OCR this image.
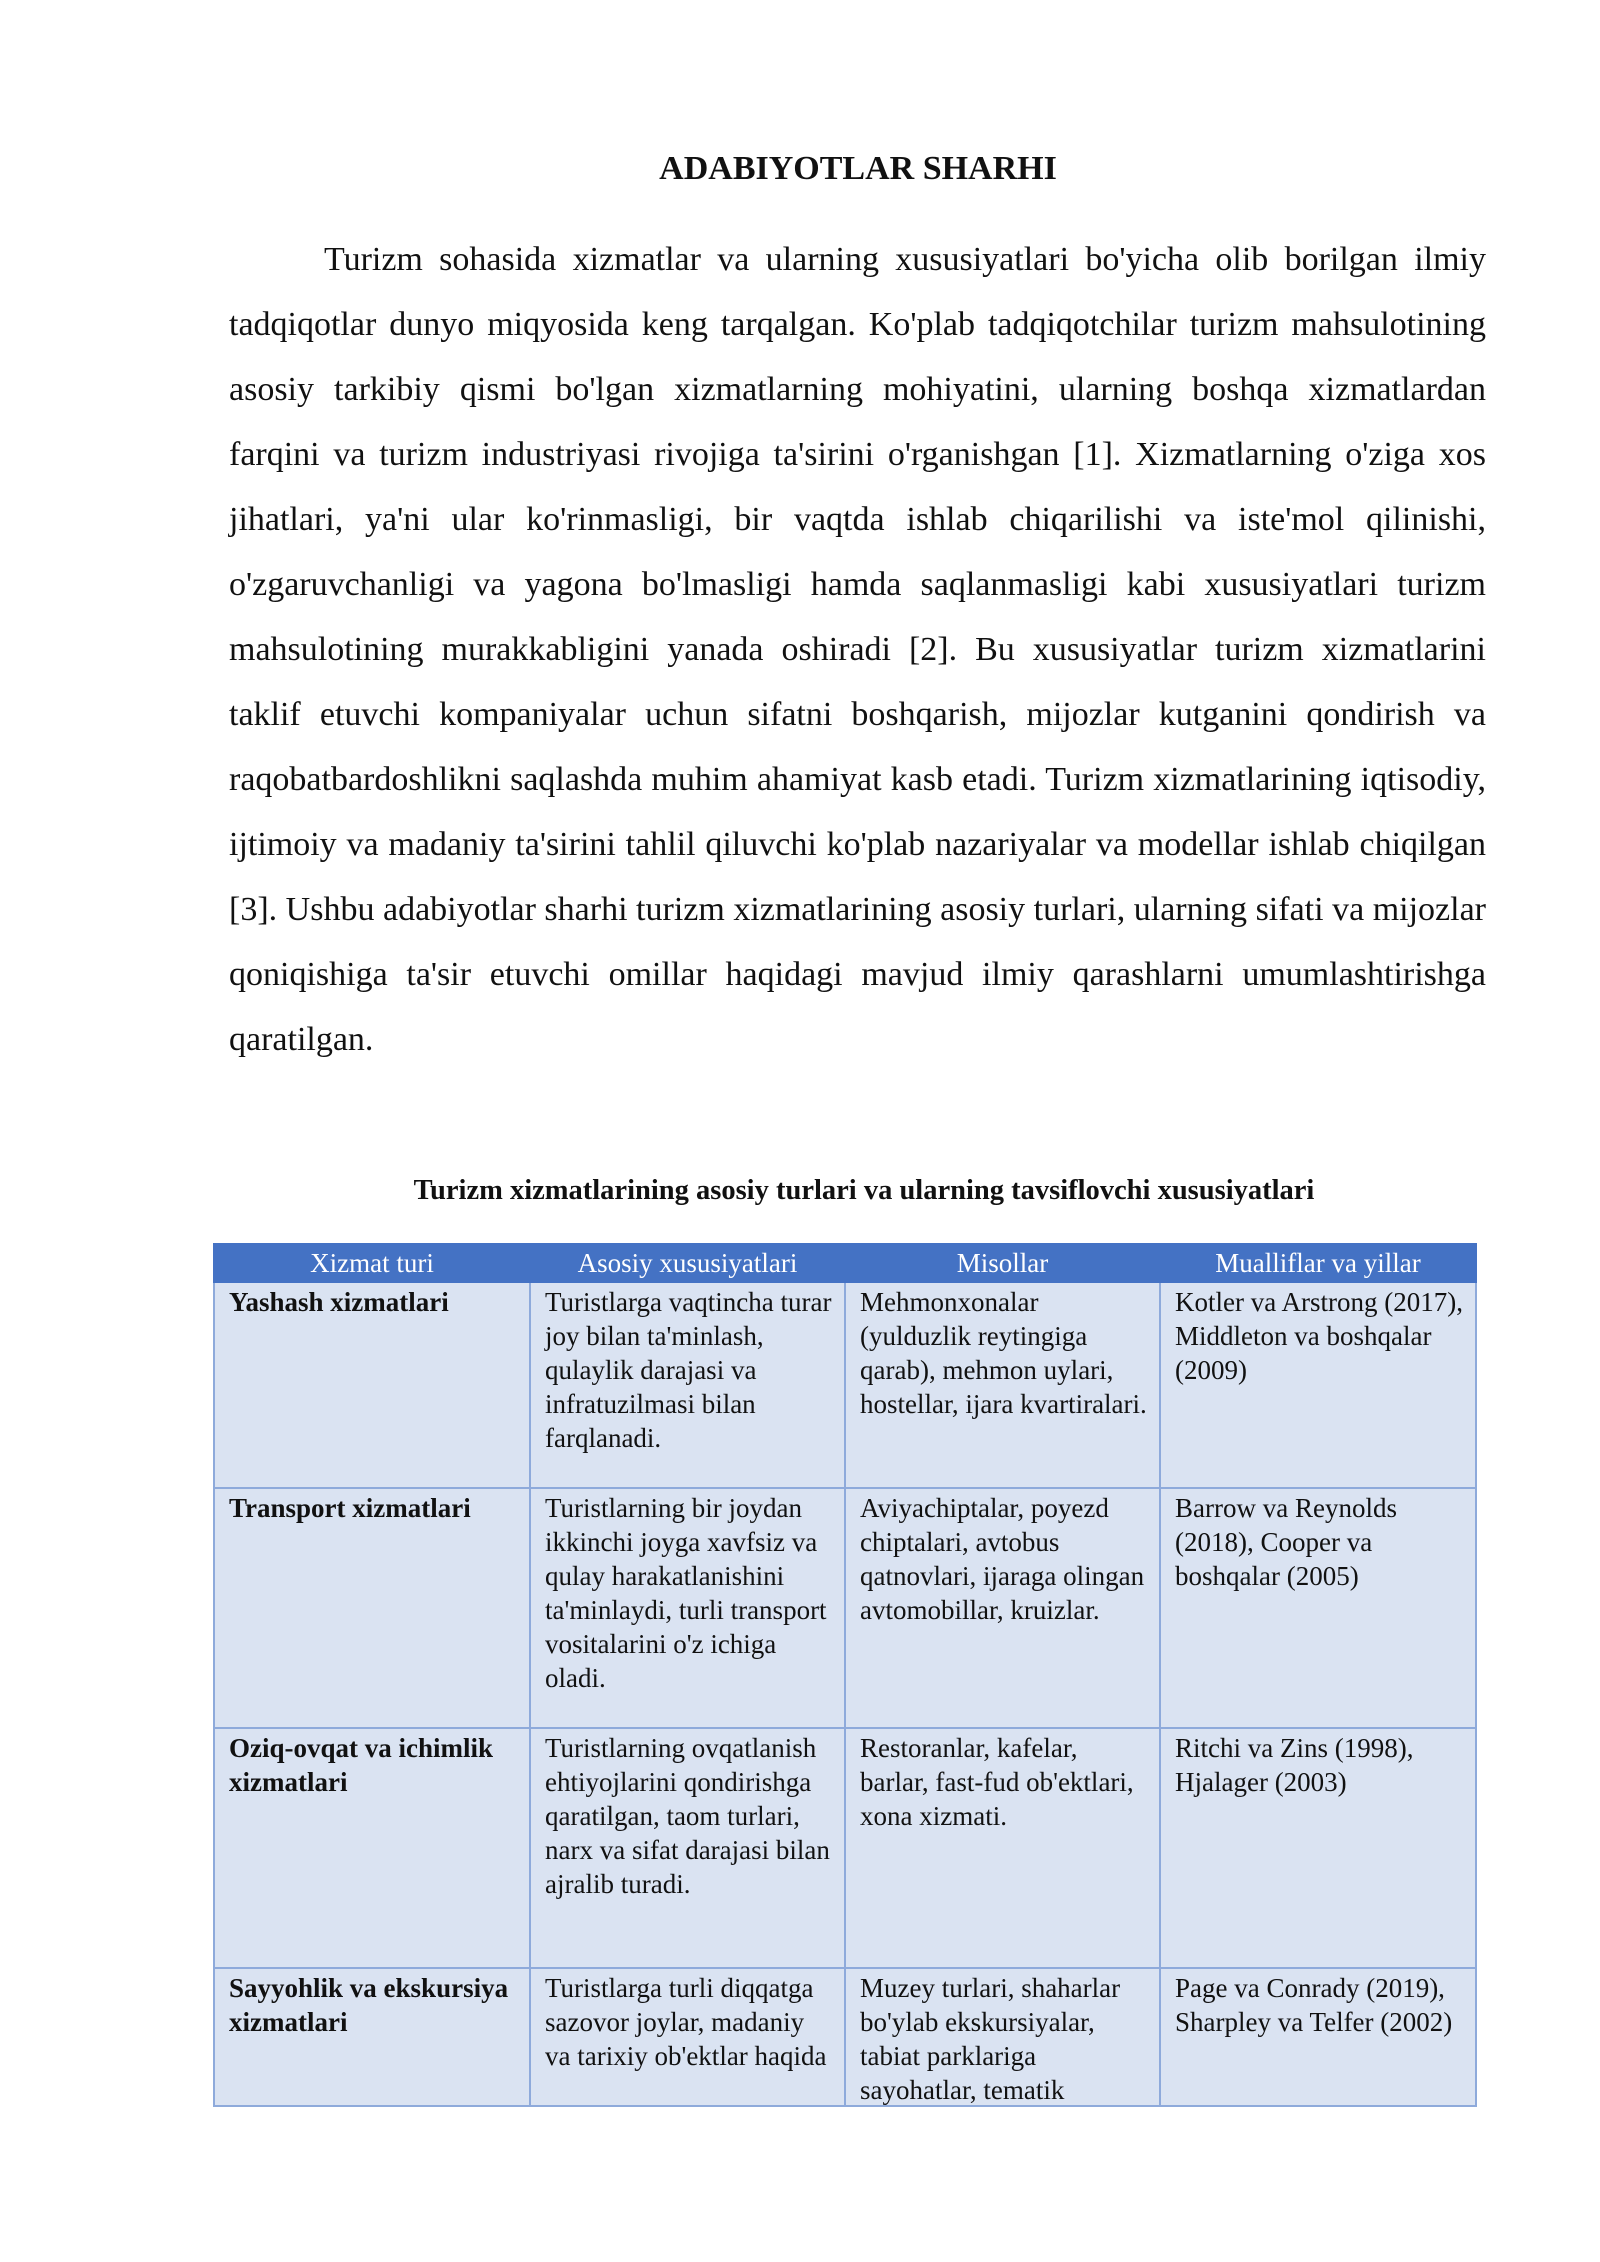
ADABIYOTLAR SHARHI

Turizm sohasida xizmatlar va ularning xususiyatlari bo'yicha olib borilgan ilmiy tadqiqotlar dunyo miqyosida keng tarqalgan. Ko'plab tadqiqotchilar turizm mahsulotining asosiy tarkibiy qismi bo'lgan xizmatlarning mohiyatini, ularning boshqa xizmatlardan farqini va turizm industriyasi rivojiga ta'sirini o'rganishgan [1]. Xizmatlarning o'ziga xos jihatlari, ya'ni ular ko'rinmasligi, bir vaqtda ishlab chiqarilishi va iste'mol qilinishi, o'zgaruvchanligi va yagona bo'lmasligi hamda saqlanmasligi kabi xususiyatlari turizm mahsulotining murakkabligini yanada oshiradi [2]. Bu xususiyatlar turizm xizmatlarini taklif etuvchi kompaniyalar uchun sifatni boshqarish, mijozlar kutganini qondirish va raqobatbardoshlikni saqlashda muhim ahamiyat kasb etadi. Turizm xizmatlarining iqtisodiy, ijtimoiy va madaniy ta'sirini tahlil qiluvchi ko'plab nazariyalar va modellar ishlab chiqilgan [3]. Ushbu adabiyotlar sharhi turizm xizmatlarining asosiy turlari, ularning sifati va mijozlar qoniqishiga ta'sir etuvchi omillar haqidagi mavjud ilmiy qarashlarni umumlashtirishga qaratilgan.

Turizm xizmatlarining asosiy turlari va ularning tavsiflovchi xususiyatlari

Xizmat turi	Asosiy xususiyatlari	Misollar	Mualliflar va yillar
Yashash xizmatlari	Turistlarga vaqtincha turar joy bilan ta'minlash, qulaylik darajasi va infratuzilmasi bilan farqlanadi.	Mehmonxonalar (yulduzlik reytingiga qarab), mehmon uylari, hostellar, ijara kvartiralari.	Kotler va Arstrong (2017), Middleton va boshqalar (2009)
Transport xizmatlari	Turistlarning bir joydan ikkinchi joyga xavfsiz va qulay harakatlanishini ta'minlaydi, turli transport vositalarini o'z ichiga oladi.	Aviyachiptalar, poyezd chiptalari, avtobus qatnovlari, ijaraga olingan avtomobillar, kruizlar.	Barrow va Reynolds (2018), Cooper va boshqalar (2005)
Oziq-ovqat va ichimlik xizmatlari	Turistlarning ovqatlanish ehtiyojlarini qondirishga qaratilgan, taom turlari, narx va sifat darajasi bilan ajralib turadi.	Restoranlar, kafelar, barlar, fast-fud ob'ektlari, xona xizmati.	Ritchi va Zins (1998), Hjalager (2003)

Sayyohlik va ekskursiya xizmatlari	Turistlarga turli diqqatga sazovor joylar, madaniy va tarixiy ob'ektlar haqida	Muzey turlari, shaharlar bo'ylab ekskursiyalar, tabiat parklariga sayohatlar, tematik	Page va Conrady (2019), Sharpley va Telfer (2002)
